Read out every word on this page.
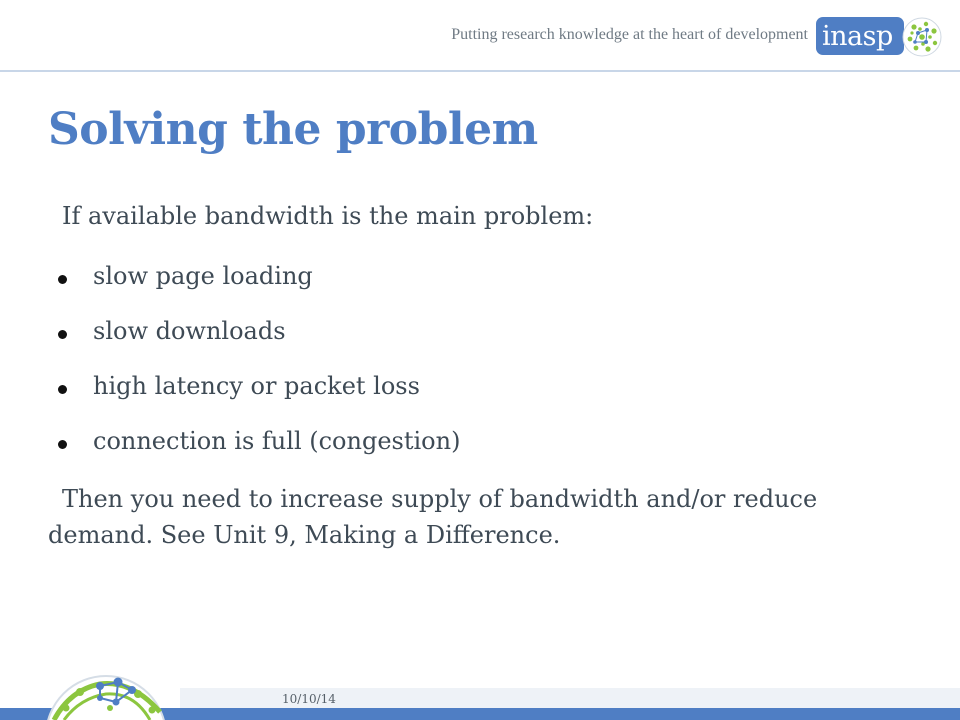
Putting research knowledge at the heart of development inasp
Solving the problem
If available bandwidth is the main problem:
slow page loading
slow downloads
high latency or packet loss
connection is full (congestion)
Then you need to increase supply of bandwidth and/or reduce demand. See Unit 9, Making a Difference.
10/10/14
